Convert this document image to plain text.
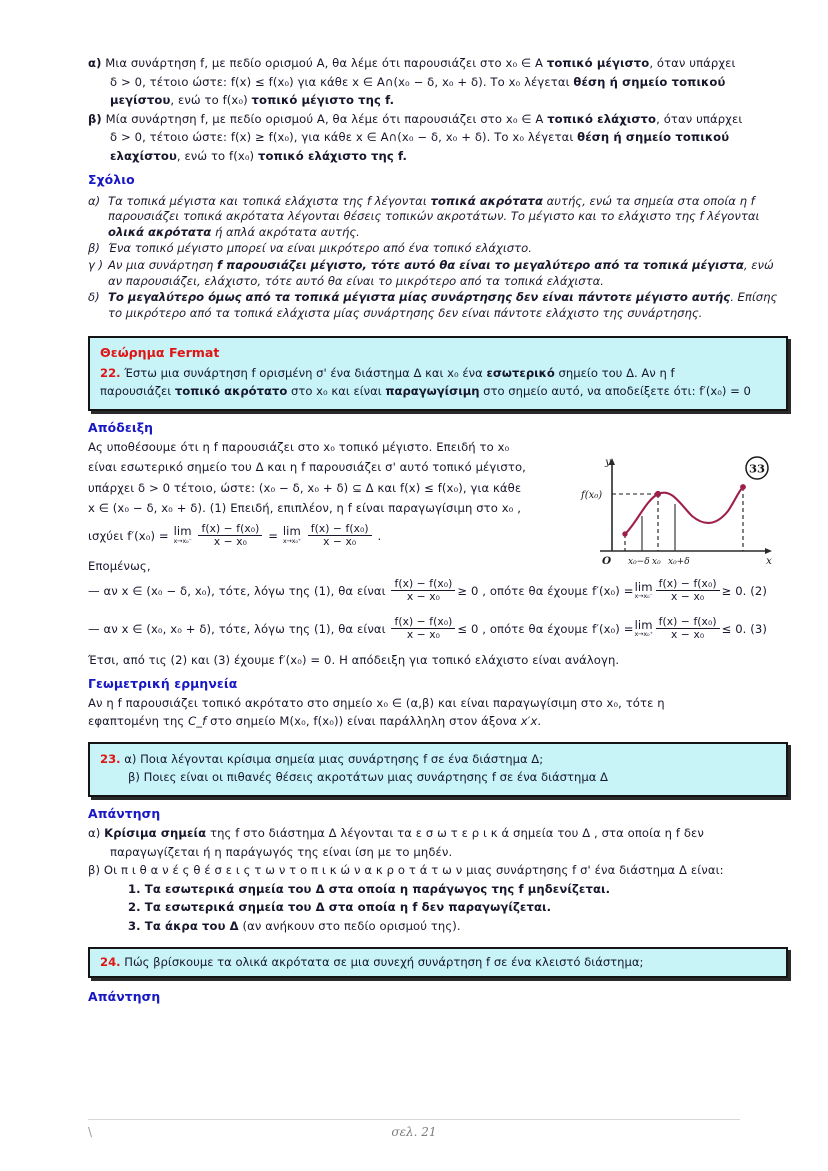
α) Μια συνάρτηση f, με πεδίο ορισμού Α, θα λέμε ότι παρουσιάζει στο x₀ ∈ Α τοπικό μέγιστο, όταν υπάρχει
δ > 0, τέτοιο ώστε: f(x) ≤ f(x₀) για κάθε x ∈ Α∩(x₀ − δ, x₀ + δ). Το x₀ λέγεται θέση ή σημείο τοπικού
μεγίστου, ενώ το f(x₀) τοπικό μέγιστο της f.
β) Μία συνάρτηση f, με πεδίο ορισμού Α, θα λέμε ότι παρουσιάζει στο x₀ ∈ Α τοπικό ελάχιστο, όταν υπάρχει
δ > 0, τέτοιο ώστε: f(x) ≥ f(x₀), για κάθε x ∈ Α∩(x₀ − δ, x₀ + δ). Το x₀ λέγεται θέση ή σημείο τοπικού
ελαχίστου, ενώ το f(x₀) τοπικό ελάχιστο της f.
Σχόλιο
α) Τα τοπικά μέγιστα και τοπικά ελάχιστα της f λέγονται τοπικά ακρότατα αυτής, ενώ τα σημεία στα οποία η f παρουσιάζει τοπικά ακρότατα λέγονται θέσεις τοπικών ακροτάτων. Το μέγιστο και το ελάχιστο της f λέγονται ολικά ακρότατα ή απλά ακρότατα αυτής.
β) Ένα τοπικό μέγιστο μπορεί να είναι μικρότερο από ένα τοπικό ελάχιστο.
γ ) Αν μια συνάρτηση f παρουσιάζει μέγιστο, τότε αυτό θα είναι το μεγαλύτερο από τα τοπικά μέγιστα, ενώ αν παρουσιάζει, ελάχιστο, τότε αυτό θα είναι το μικρότερο από τα τοπικά ελάχιστα.
δ) Το μεγαλύτερο όμως από τα τοπικά μέγιστα μίας συνάρτησης δεν είναι πάντοτε μέγιστο αυτής. Επίσης το μικρότερο από τα τοπικά ελάχιστα μίας συνάρτησης δεν είναι πάντοτε ελάχιστο της συνάρτησης.
Θεώρημα Fermat
22. Έστω μια συνάρτηση f ορισμένη σ' ένα διάστημα Δ και x₀ ένα εσωτερικό σημείο του Δ. Αν η f
παρουσιάζει τοπικό ακρότατο στο x₀ και είναι παραγωγίσιμη στο σημείο αυτό, να αποδείξετε ότι: f′(x₀) = 0
Απόδειξη
Ας υποθέσουμε ότι η f παρουσιάζει στο x₀ τοπικό μέγιστο. Επειδή το x₀
είναι εσωτερικό σημείο του Δ και η f παρουσιάζει σ' αυτό τοπικό μέγιστο,
υπάρχει δ > 0 τέτοιο, ώστε: (x₀ − δ, x₀ + δ) ⊆ Δ και f(x) ≤ f(x₀), για κάθε
x ∈ (x₀ − δ, x₀ + δ). (1) Επειδή, επιπλέον, η f είναι παραγωγίσιμη στο x₀ ,
ισχύει f′(x₀) = lim
x→x₀⁻
$\frac{\text{f(x) − f(x₀)}}{\text{x − x₀}} = \lim$
x→x₀⁺
$\frac{\text{f(x) − f(x₀)}}{\text{x − x₀}}$ .
33
y
x
O
f(x₀)
x₀−δ x₀ x₀+δ
Επομένως,
— αν x ∈ (x₀ − δ, x₀), τότε, λόγω της (1), θα είναι $\frac{\text{f(x) − f(x₀)}}{\text{x − x₀}} \ge 0$ , οπότε θα έχουμε f′(x₀) = lim
$x\to x_0^- \frac{\text{f(x) − f(x₀)}}{\text{x − x₀}} \ge 0$. (2)
— αν x ∈ (x₀, x₀ + δ), τότε, λόγω της (1), θα είναι $\frac{\text{f(x) − f(x₀)}}{\text{x − x₀}} \le 0$ , οπότε θα έχουμε f′(x₀) = lim
$x\to x_0^+ \frac{\text{f(x) − f(x₀)}}{\text{x − x₀}} \le 0$. (3)
Έτσι, από τις (2) και (3) έχουμε f′(x₀) = 0. Η απόδειξη για τοπικό ελάχιστο είναι ανάλογη.
Γεωμετρική ερμηνεία
Αν η f παρουσιάζει τοπικό ακρότατο στο σημείο x₀ ∈ (α,β) και είναι παραγωγίσιμη στο x₀, τότε η
εφαπτομένη της C_f στο σημείο Μ(x₀, f(x₀)) είναι παράλληλη στον άξονα x′x.
23. α) Ποια λέγονται κρίσιμα σημεία μιας συνάρτησης f σε ένα διάστημα Δ;
β) Ποιες είναι οι πιθανές θέσεις ακροτάτων μιας συνάρτησης f σε ένα διάστημα Δ
Απάντηση
α) Κρίσιμα σημεία της f στο διάστημα Δ λέγονται τα ε σ ω τ ε ρ ι κ ά σημεία του Δ , στα οποία η f δεν
παραγωγίζεται ή η παράγωγός της είναι ίση με το μηδέν.
β) Οι π ι θ α ν έ ς θ έ σ ε ι ς τ ω ν τ ο π ι κ ώ ν α κ ρ ο τ ά τ ω ν μιας συνάρτησης f σ' ένα διάστημα Δ είναι:
1. Τα εσωτερικά σημεία του Δ στα οποία η παράγωγος της f μηδενίζεται.
2. Τα εσωτερικά σημεία του Δ στα οποία η f δεν παραγωγίζεται.
3. Τα άκρα του Δ (αν ανήκουν στο πεδίο ορισμού της).
24. Πώς βρίσκουμε τα ολικά ακρότατα σε μια συνεχή συνάρτηση f σε ένα κλειστό διάστημα;
Απάντηση
\	σελ. 21
